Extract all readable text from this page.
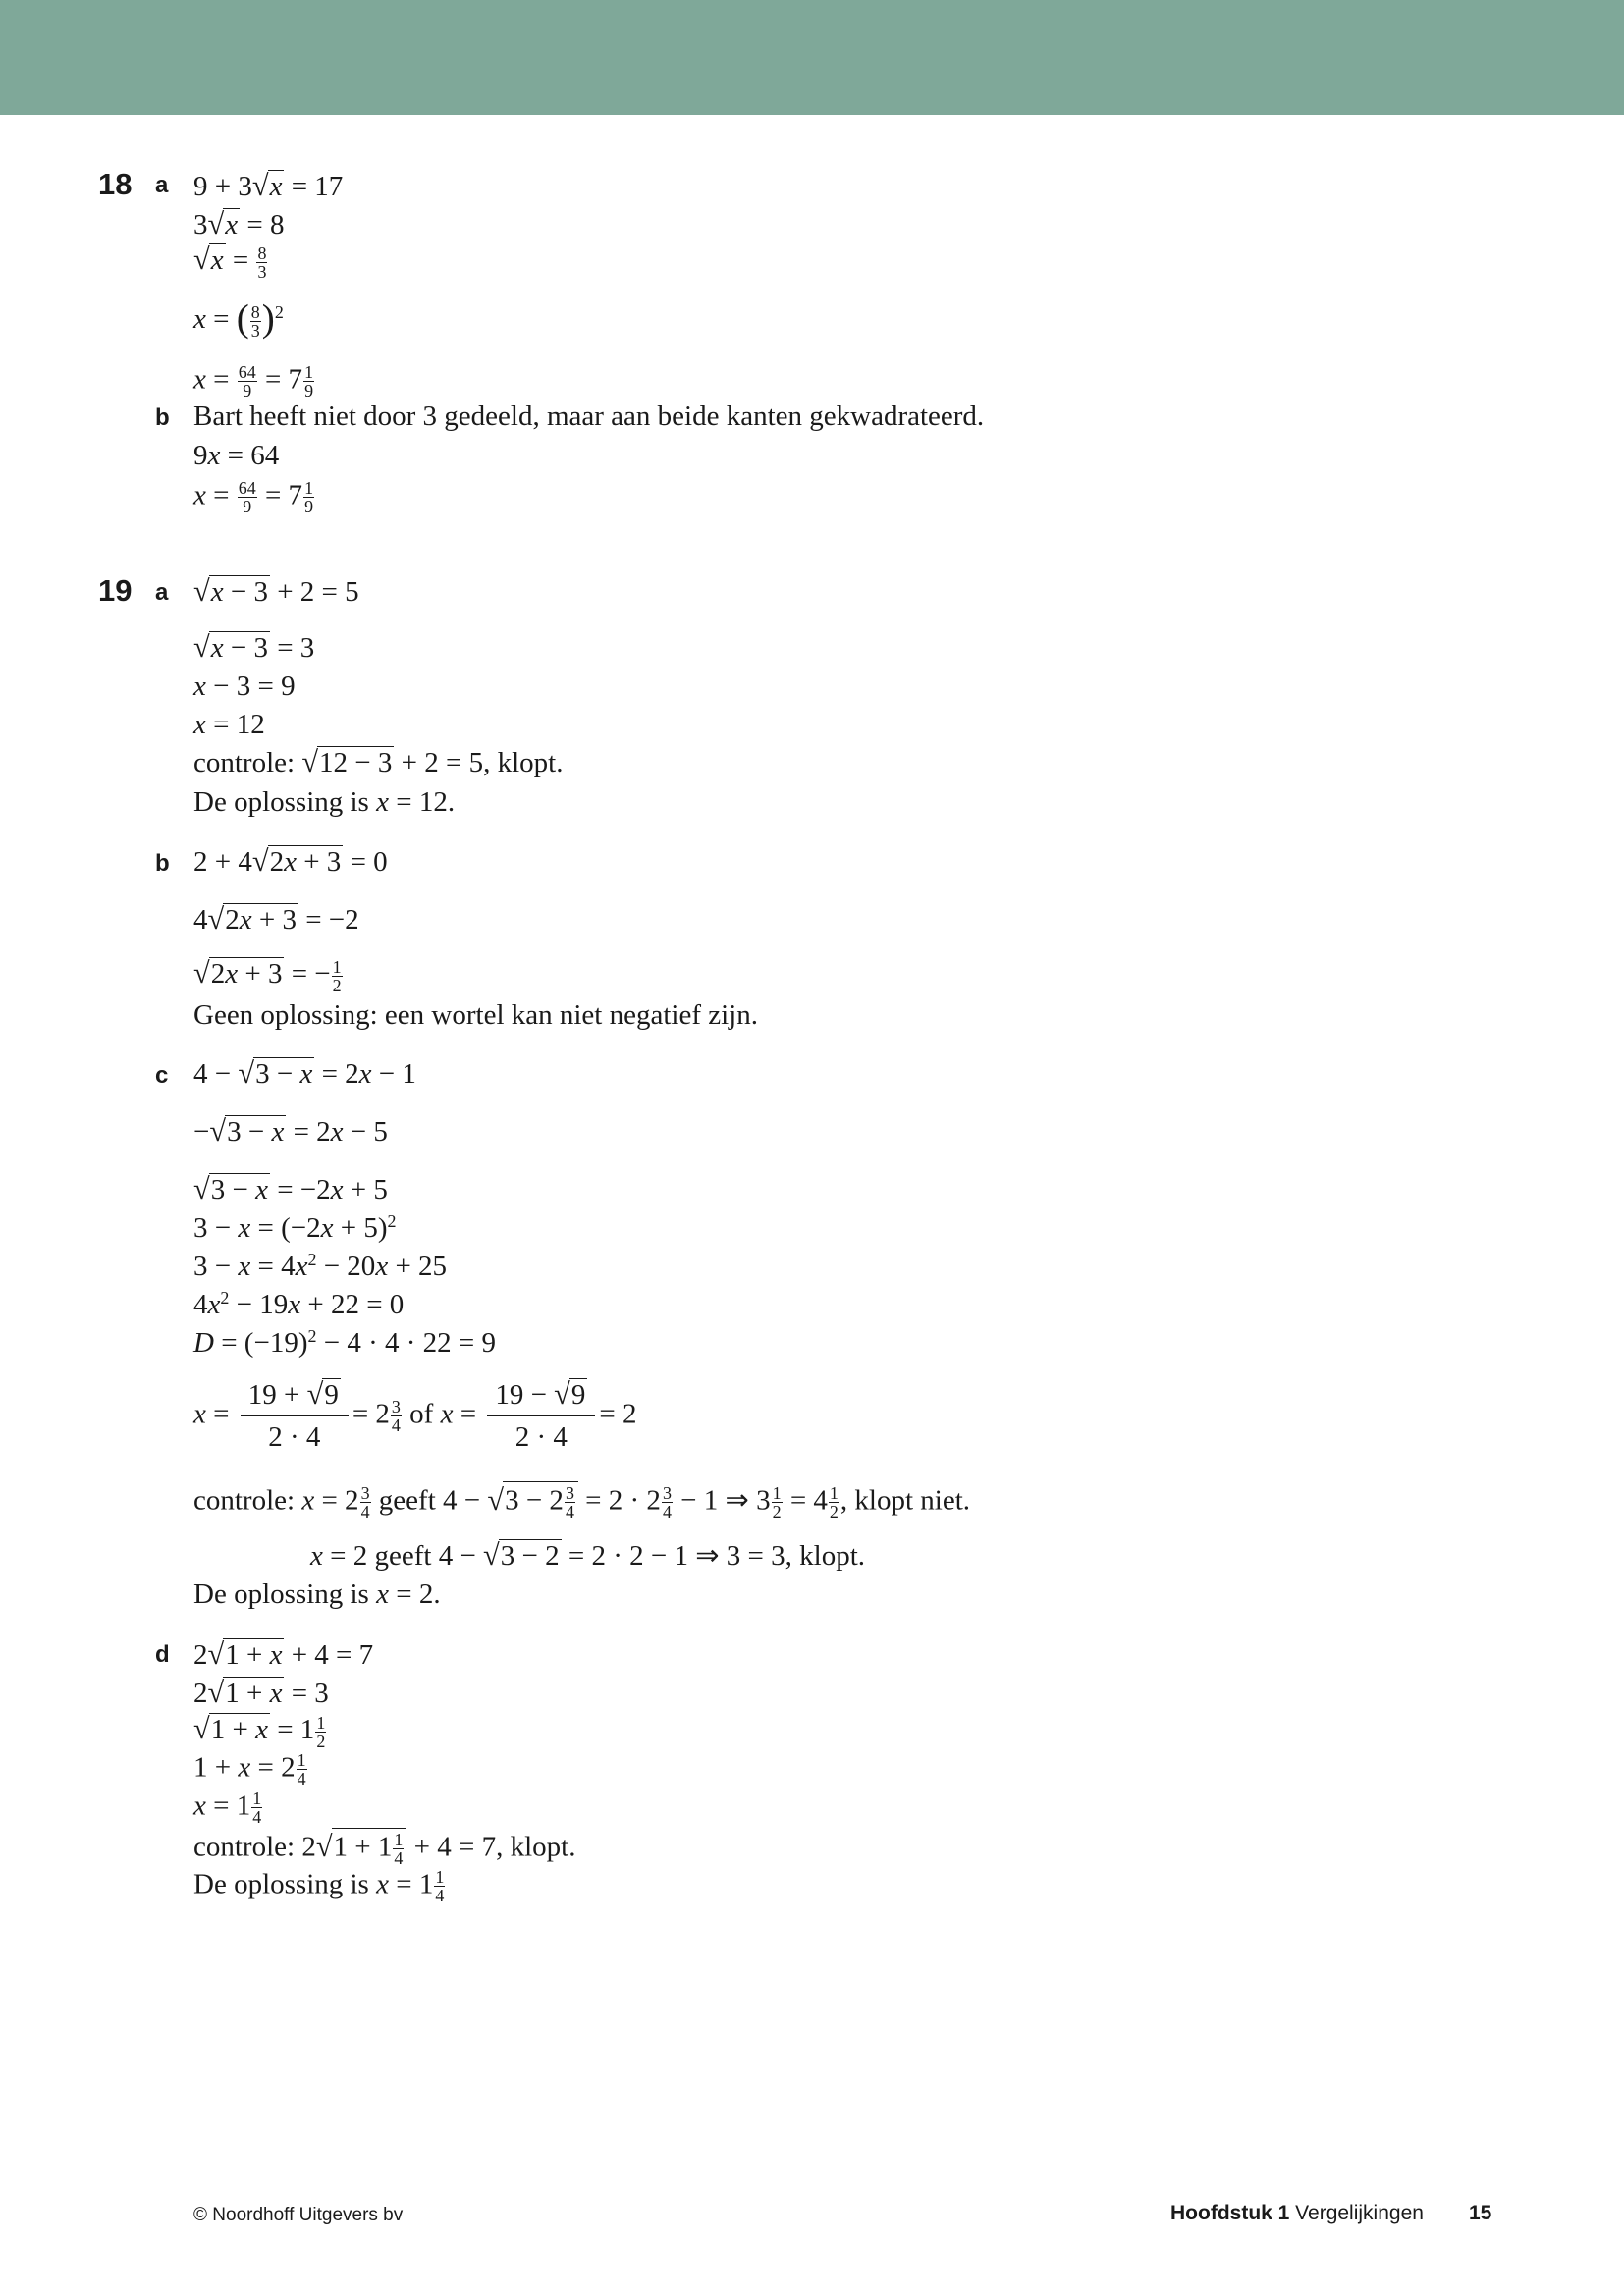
18 a 9 + 3√x = 17
3√x = 8
$√x = \frac{8}{3}$
x = ( $\frac{8}{3} )^2$
$x = \frac{64}{9} = 7 \frac{1}{9}$
b Bart heeft niet door 3 gedeeld, maar aan beide kanten gekwadrateerd.
9x = 64
$x = \frac{64}{9} = 7 \frac{1}{9}$
19 a √x − 3 + 2 = 5
√x − 3 = 3
x − 3 = 9
x = 12
controle: √12 − 3 + 2 = 5, klopt.
De oplossing is x = 12.
b 2 + 4√2x + 3 = 0
4√2x + 3 = −2
√2x + 3 = − $\frac{1}{2}$
Geen oplossing: een wortel kan niet negatief zijn.
c 4 − √3 − x = 2x − 1
−√3 − x = 2x − 5
√3 − x = −2x + 5
$3 - x = (-2x + 5)^2$
$3 - x = 4x^2 - 20x + 25$
$4x^2 - 19x + 22 = 0$
$D = (-19)^2 - 4 \cdot 4 \cdot 22 = 9$
$x = \frac{19 + √9}{2 \cdot 4} = 2 \frac{3}{4}$ of $x = \frac{19 - √9}{2 \cdot 4} = 2$
controle: $x = 2 \frac{3}{4}$ geeft $4 - √3 - 2 \frac{3}{4} = 2 \cdot 2 \frac{3}{4} - 1$ ⇒ $3 \frac{1}{2} = 4 \frac{1}{2}$ , klopt niet.
x = 2 geeft 4 − √3 − 2 = 2 · 2 − 1 ⇒ 3 = 3, klopt.
De oplossing is x = 2.
d 2√1 + x + 4 = 7
2√1 + x = 3
$√1 + x = 1 \frac{1}{2}$
$1 + x = 2 \frac{1}{4}$
$x = 1 \frac{1}{4}$
controle: $2√1 + 1 \frac{1}{4} + 4 = 7$, klopt.
De oplossing is $x = 1 \frac{1}{4}$
© Noordhoff Uitgevers bv	Hoofdstuk 1 Vergelijkingen 15
